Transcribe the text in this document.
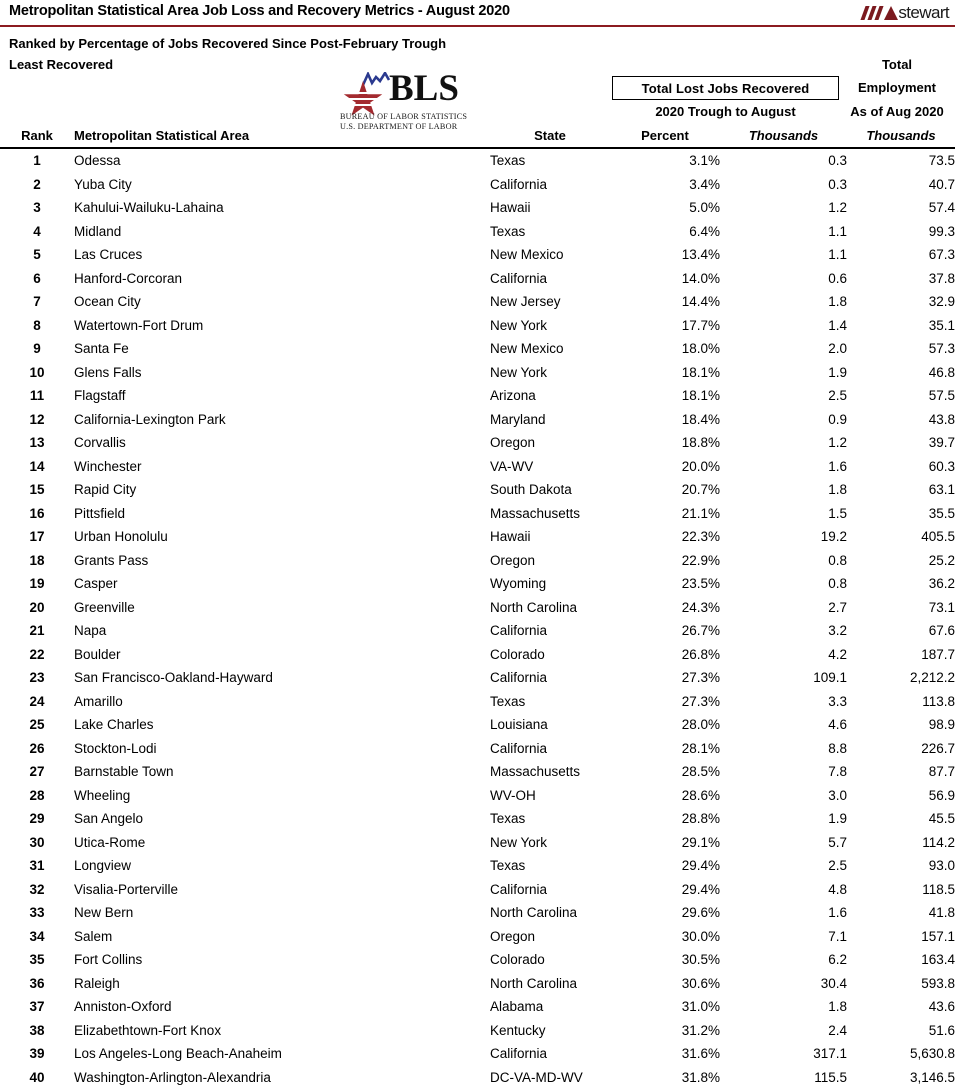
Metropolitan Statistical Area Job Loss and Recovery Metrics - August 2020	stewart
Ranked by Percentage of Jobs Recovered Since Post-February Trough
Least Recovered
BLS
BUREAU OF LABOR STATISTICS
U.S. DEPARTMENT OF LABOR
Total Lost Jobs Recovered
2020 Trough to August
Total
Employment
As of Aug 2020
Rank	Metropolitan Statistical Area	State	Percent	Thousands	Thousands
1	Odessa	Texas	3.1%	0.3	73.5
2	Yuba City	California	3.4%	0.3	40.7
3	Kahului-Wailuku-Lahaina	Hawaii	5.0%	1.2	57.4
4	Midland	Texas	6.4%	1.1	99.3
5	Las Cruces	New Mexico	13.4%	1.1	67.3
6	Hanford-Corcoran	California	14.0%	0.6	37.8
7	Ocean City	New Jersey	14.4%	1.8	32.9
8	Watertown-Fort Drum	New York	17.7%	1.4	35.1
9	Santa Fe	New Mexico	18.0%	2.0	57.3
10	Glens Falls	New York	18.1%	1.9	46.8
11	Flagstaff	Arizona	18.1%	2.5	57.5
12	California-Lexington Park	Maryland	18.4%	0.9	43.8
13	Corvallis	Oregon	18.8%	1.2	39.7
14	Winchester	VA-WV	20.0%	1.6	60.3
15	Rapid City	South Dakota	20.7%	1.8	63.1
16	Pittsfield	Massachusetts	21.1%	1.5	35.5
17	Urban Honolulu	Hawaii	22.3%	19.2	405.5
18	Grants Pass	Oregon	22.9%	0.8	25.2
19	Casper	Wyoming	23.5%	0.8	36.2
20	Greenville	North Carolina	24.3%	2.7	73.1
21	Napa	California	26.7%	3.2	67.6
22	Boulder	Colorado	26.8%	4.2	187.7
23	San Francisco-Oakland-Hayward	California	27.3%	109.1	2,212.2
24	Amarillo	Texas	27.3%	3.3	113.8
25	Lake Charles	Louisiana	28.0%	4.6	98.9
26	Stockton-Lodi	California	28.1%	8.8	226.7
27	Barnstable Town	Massachusetts	28.5%	7.8	87.7
28	Wheeling	WV-OH	28.6%	3.0	56.9
29	San Angelo	Texas	28.8%	1.9	45.5
30	Utica-Rome	New York	29.1%	5.7	114.2
31	Longview	Texas	29.4%	2.5	93.0
32	Visalia-Porterville	California	29.4%	4.8	118.5
33	New Bern	North Carolina	29.6%	1.6	41.8
34	Salem	Oregon	30.0%	7.1	157.1
35	Fort Collins	Colorado	30.5%	6.2	163.4
36	Raleigh	North Carolina	30.6%	30.4	593.8
37	Anniston-Oxford	Alabama	31.0%	1.8	43.6
38	Elizabethtown-Fort Knox	Kentucky	31.2%	2.4	51.6
39	Los Angeles-Long Beach-Anaheim	California	31.6%	317.1	5,630.8
40	Washington-Arlington-Alexandria	DC-VA-MD-WV	31.8%	115.5	3,146.5
